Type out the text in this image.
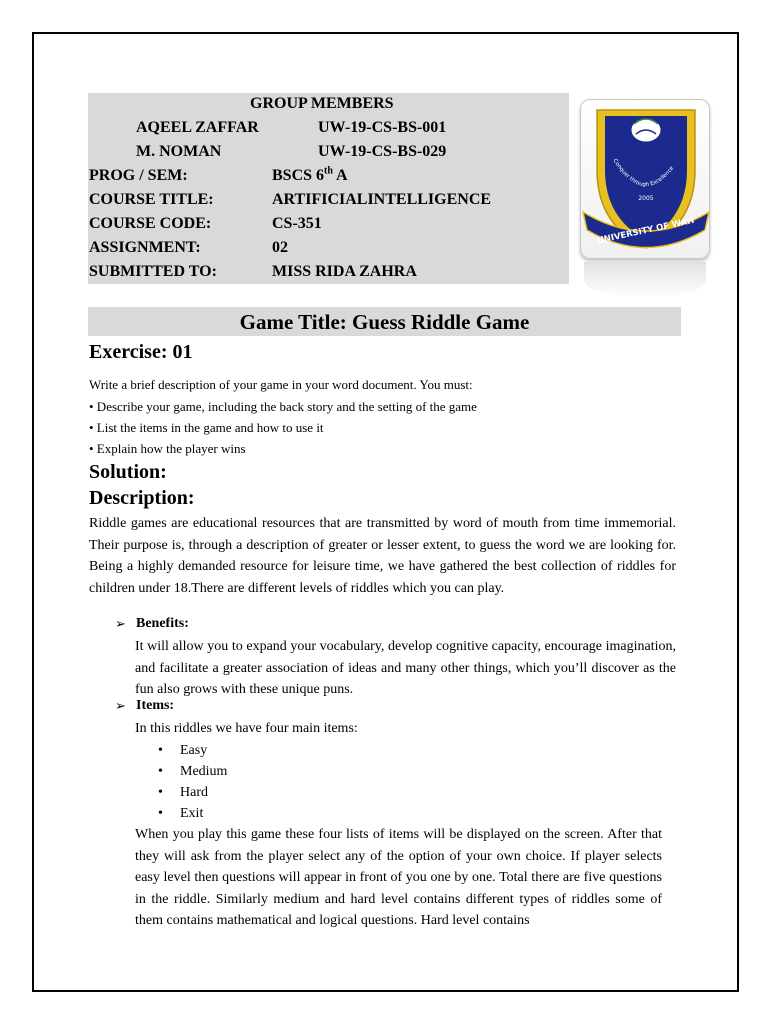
GROUP MEMBERS
AQEEL ZAFFAR	UW-19-CS-BS-001
M. NOMAN	UW-19-CS-BS-029
PROG / SEM:	BSCS 6th A
COURSE TITLE:	ARTIFICIALINTELLIGENCE
COURSE CODE:	CS-351
ASSIGNMENT:	02
SUBMITTED TO:	MISS RIDA ZAHRA
Conquer through Excellence
2005
UNIVERSITY OF WAH
Game Title: Guess Riddle Game
Exercise: 01
Write a brief description of your game in your word document. You must:
• Describe your game, including the back story and the setting of the game
• List the items in the game and how to use it
• Explain how the player wins
Solution:
Description:
Riddle games are educational resources that are transmitted by word of mouth from time immemorial. Their purpose is, through a description of greater or lesser extent, to guess the word we are looking for. Being a highly demanded resource for leisure time, we have gathered the best collection of riddles for children under 18.There are different levels of riddles which you can play.
➢ Benefits:
It will allow you to expand your vocabulary, develop cognitive capacity, encourage imagination, and facilitate a greater association of ideas and many other things, which you’ll discover as the fun also grows with these unique puns.
➢ Items:
In this riddles we have four main items:
• Easy
• Medium
• Hard
• Exit
When you play this game these four lists of items will be displayed on the screen. After that they will ask from the player select any of the option of your own choice. If player selects easy level then questions will appear in front of you one by one. Total there are five questions in the riddle. Similarly medium and hard level contains different types of riddles some of them contains mathematical and logical questions. Hard level contains
